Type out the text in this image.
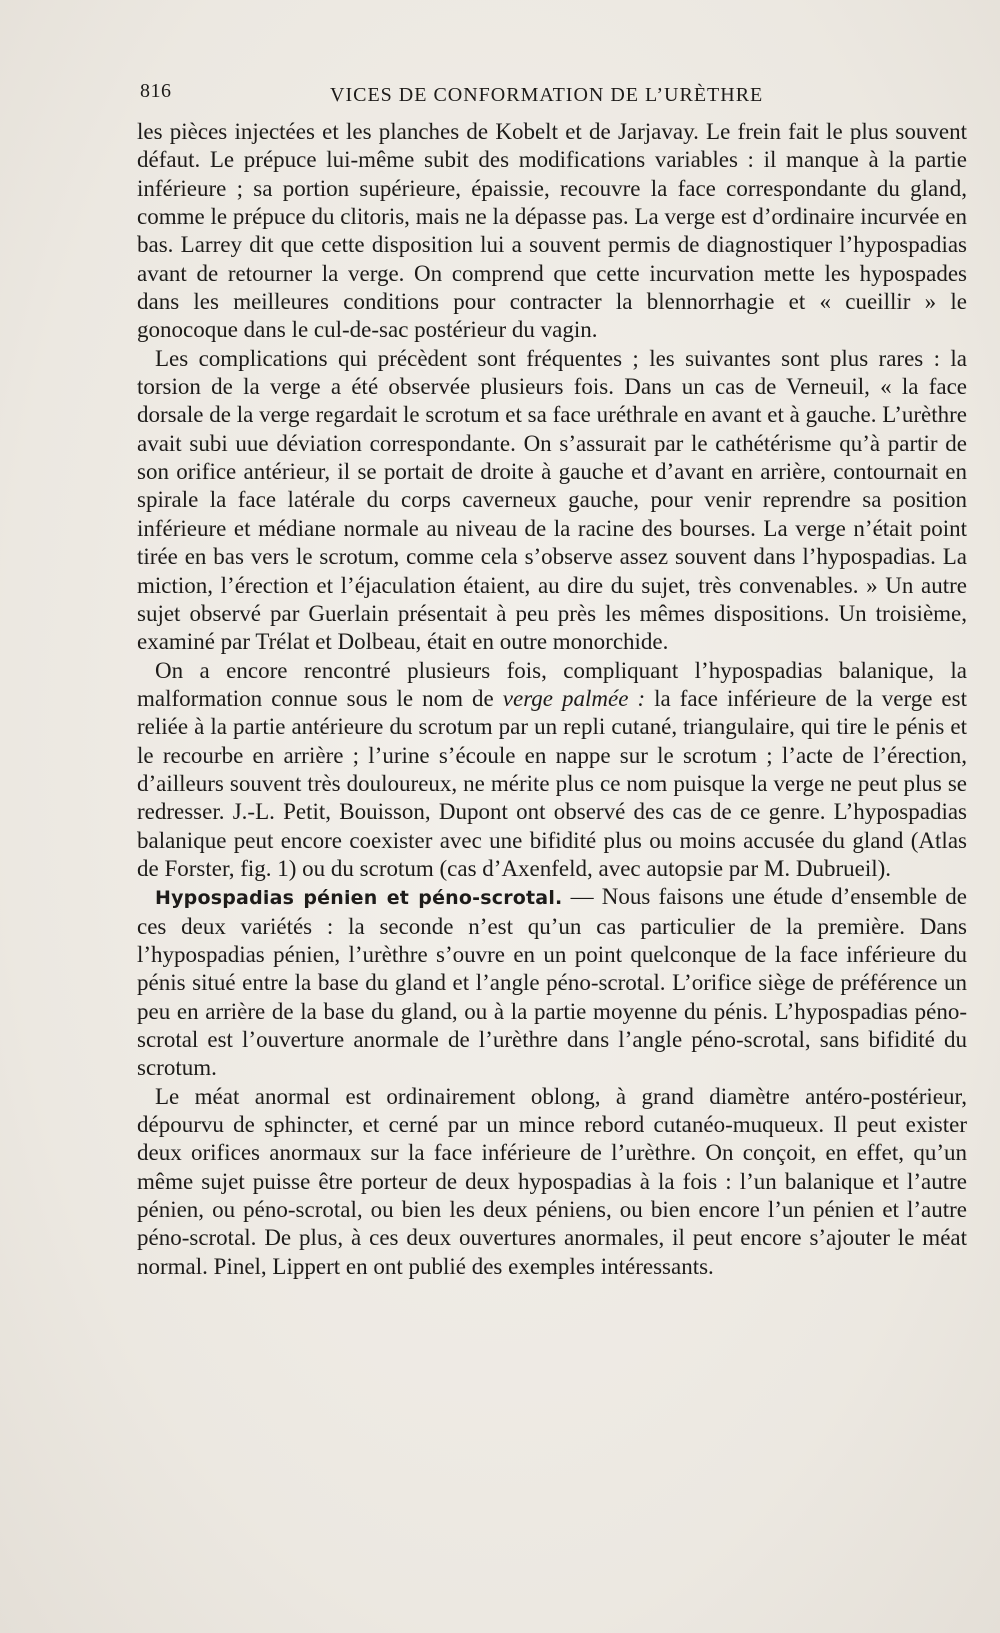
816	VICES DE CONFORMATION DE L’URÈTHRE

les pièces injectées et les planches de Kobelt et de Jarjavay. Le frein fait le plus souvent défaut. Le prépuce lui-même subit des modifications variables : il manque à la partie inférieure ; sa portion supérieure, épaissie, recouvre la face correspondante du gland, comme le prépuce du clitoris, mais ne la dépasse pas. La verge est d’ordinaire incurvée en bas. Larrey dit que cette disposition lui a souvent permis de diagnostiquer l’hypospadias avant de retourner la verge. On comprend que cette incurvation mette les hypospades dans les meilleures conditions pour contracter la blennorrhagie et « cueillir » le gonocoque dans le cul-de-sac postérieur du vagin.

Les complications qui précèdent sont fréquentes ; les suivantes sont plus rares : la torsion de la verge a été observée plusieurs fois. Dans un cas de Verneuil, « la face dorsale de la verge regardait le scrotum et sa face uréthrale en avant et à gauche. L’urèthre avait subi uue déviation correspondante. On s’assurait par le cathétérisme qu’à partir de son orifice antérieur, il se portait de droite à gauche et d’avant en arrière, contournait en spirale la face latérale du corps caverneux gauche, pour venir reprendre sa position inférieure et médiane normale au niveau de la racine des bourses. La verge n’était point tirée en bas vers le scrotum, comme cela s’observe assez souvent dans l’hypospadias. La miction, l’érection et l’éjaculation étaient, au dire du sujet, très convenables. » Un autre sujet observé par Guerlain présentait à peu près les mêmes dispositions. Un troisième, examiné par Trélat et Dolbeau, était en outre monorchide.

On a encore rencontré plusieurs fois, compliquant l’hypospadias balanique, la malformation connue sous le nom de verge palmée : la face inférieure de la verge est reliée à la partie antérieure du scrotum par un repli cutané, triangulaire, qui tire le pénis et le recourbe en arrière ; l’urine s’écoule en nappe sur le scrotum ; l’acte de l’érection, d’ailleurs souvent très douloureux, ne mérite plus ce nom puisque la verge ne peut plus se redresser. J.-L. Petit, Bouisson, Dupont ont observé des cas de ce genre. L’hypospadias balanique peut encore coexister avec une bifidité plus ou moins accusée du gland (Atlas de Forster, fig. 1) ou du scrotum (cas d’Axenfeld, avec autopsie par M. Dubrueil).

Hypospadias pénien et péno-scrotal. — Nous faisons une étude d’ensemble de ces deux variétés : la seconde n’est qu’un cas particulier de la première. Dans l’hypospadias pénien, l’urèthre s’ouvre en un point quelconque de la face inférieure du pénis situé entre la base du gland et l’angle péno-scrotal. L’orifice siège de préférence un peu en arrière de la base du gland, ou à la partie moyenne du pénis. L’hypospadias péno-scrotal est l’ouverture anormale de l’urèthre dans l’angle péno-scrotal, sans bifidité du scrotum.

Le méat anormal est ordinairement oblong, à grand diamètre antéro-postérieur, dépourvu de sphincter, et cerné par un mince rebord cutanéo-muqueux. Il peut exister deux orifices anormaux sur la face inférieure de l’urèthre. On conçoit, en effet, qu’un même sujet puisse être porteur de deux hypospadias à la fois : l’un balanique et l’autre pénien, ou péno-scrotal, ou bien les deux péniens, ou bien encore l’un pénien et l’autre péno-scrotal. De plus, à ces deux ouvertures anormales, il peut encore s’ajouter le méat normal. Pinel, Lippert en ont publié des exemples intéressants.
